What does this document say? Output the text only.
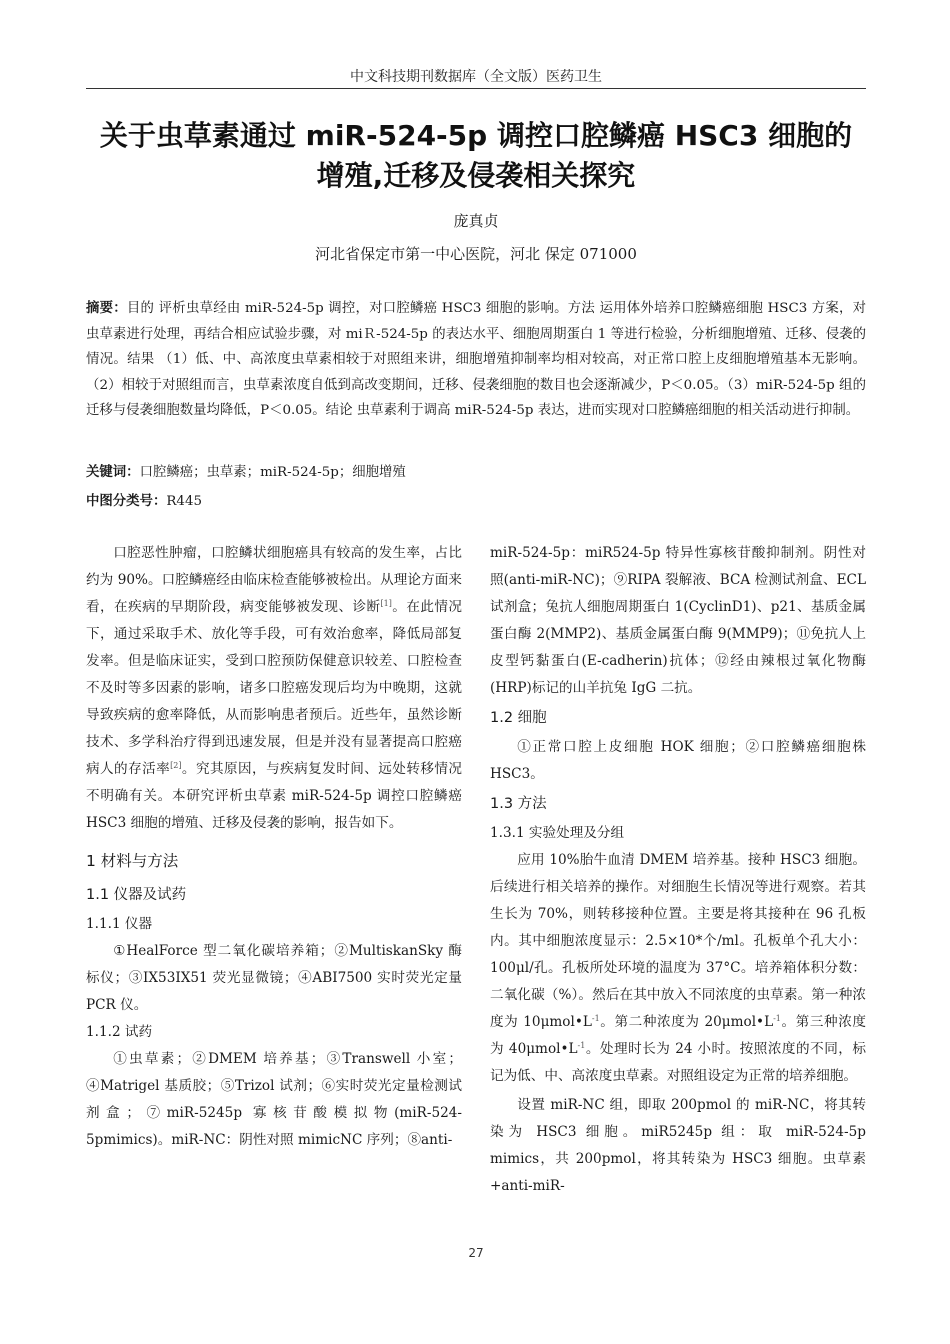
中文科技期刊数据库（全文版）医药卫生
关于虫草素通过 miR-524-5p 调控口腔鳞癌 HSC3 细胞的
增殖,迁移及侵袭相关探究
庞真贞
河北省保定市第一中心医院，河北 保定 071000
摘要：目的 评析虫草经由 miR-524-5p 调控，对口腔鳞癌 HSC3 细胞的影响。方法 运用体外培养口腔鳞癌细胞 HSC3 方案，对虫草素进行处理，再结合相应试验步骤，对 miＲ-524-5p 的表达水平、细胞周期蛋白 1 等进行检验，分析细胞增殖、迁移、侵袭的情况。结果 （1）低、中、高浓度虫草素相较于对照组来讲，细胞增殖抑制率均相对较高，对正常口腔上皮细胞增殖基本无影响。（2）相较于对照组而言，虫草素浓度自低到高改变期间，迁移、侵袭细胞的数目也会逐渐减少，P＜0.05。（3）miR-524-5p 组的迁移与侵袭细胞数量均降低，P＜0.05。结论 虫草素利于调高 miR-524-5p 表达，进而实现对口腔鳞癌细胞的相关活动进行抑制。
关键词：口腔鳞癌；虫草素；miR-524-5p；细胞增殖
中图分类号：R445

口腔恶性肿瘤，口腔鳞状细胞癌具有较高的发生率，占比约为 90%。口腔鳞癌经由临床检查能够被检出。从理论方面来看，在疾病的早期阶段，病变能够被发现、诊断[1]。在此情况下，通过采取手术、放化等手段，可有效治愈率，降低局部复发率。但是临床证实，受到口腔预防保健意识较差、口腔检查不及时等多因素的影响，诸多口腔癌发现后均为中晚期，这就导致疾病的愈率降低，从而影响患者预后。近些年，虽然诊断技术、多学科治疗得到迅速发展，但是并没有显著提高口腔癌病人的存活率[2]。究其原因，与疾病复发时间、远处转移情况不明确有关。本研究评析虫草素 miR-524-5p 调控口腔鳞癌 HSC3 细胞的增殖、迁移及侵袭的影响，报告如下。

1 材料与方法

1.1 仪器及试药

1.1.1 仪器

①HealForce 型二氧化碳培养箱；②MultiskanSky 酶标仪；③IX53IX51 荧光显微镜；④ABI7500 实时荧光定量 PCR 仪。

1.1.2 试药

①虫草素；②DMEM 培养基；③Transwell 小室；④Matrigel 基质胶；⑤Trizol 试剂；⑥实时荧光定量检测试剂盒；⑦miR-5245p 寡核苷酸模拟物(miR-524-5pmimics)。miR-NC：阴性对照 mimicNC 序列；⑧anti-

miR-524-5p：miR524-5p 特异性寡核苷酸抑制剂。阴性对照(anti-miR-NC)；⑨RIPA 裂解液、BCA 检测试剂盒、ECL 试剂盒；兔抗人细胞周期蛋白 1(CyclinD1)、p21、基质金属蛋白酶 2(MMP2)、基质金属蛋白酶 9(MMP9)；⑪免抗人上皮型钙黏蛋白(E-cadherin)抗体；⑫经由辣根过氧化物酶(HRP)标记的山羊抗兔 IgG 二抗。

1.2 细胞

①正常口腔上皮细胞 HOK 细胞；②口腔鳞癌细胞株 HSC3。

1.3 方法

1.3.1 实验处理及分组

应用 10%胎牛血清 DMEM 培养基。接种 HSC3 细胞。后续进行相关培养的操作。对细胞生长情况等进行观察。若其生长为 70%，则转移接种位置。主要是将其接种在 96 孔板内。其中细胞浓度显示：2.5×10*个/ml。孔板单个孔大小：100μl/孔。孔板所处环境的温度为 37°C。培养箱体积分数：二氧化碳（%）。然后在其中放入不同浓度的虫草素。第一种浓度为 $10\mu mol•L^{-1}$。第二种浓度为 $20\mu mol•L^{-1}$。第三种浓度为 $40\mu mol•L^{-1}$。处理时长为 24 小时。按照浓度的不同，标记为低、中、高浓度虫草素。对照组设定为正常的培养细胞。

设置 miR-NC 组，即取 200pmol 的 miR-NC，将其转染为 HSC3 细胞。miR5245p 组：取 miR-524-5p mimics，共 200pmol，将其转染为 HSC3 细胞。虫草素+anti-miR-

27
